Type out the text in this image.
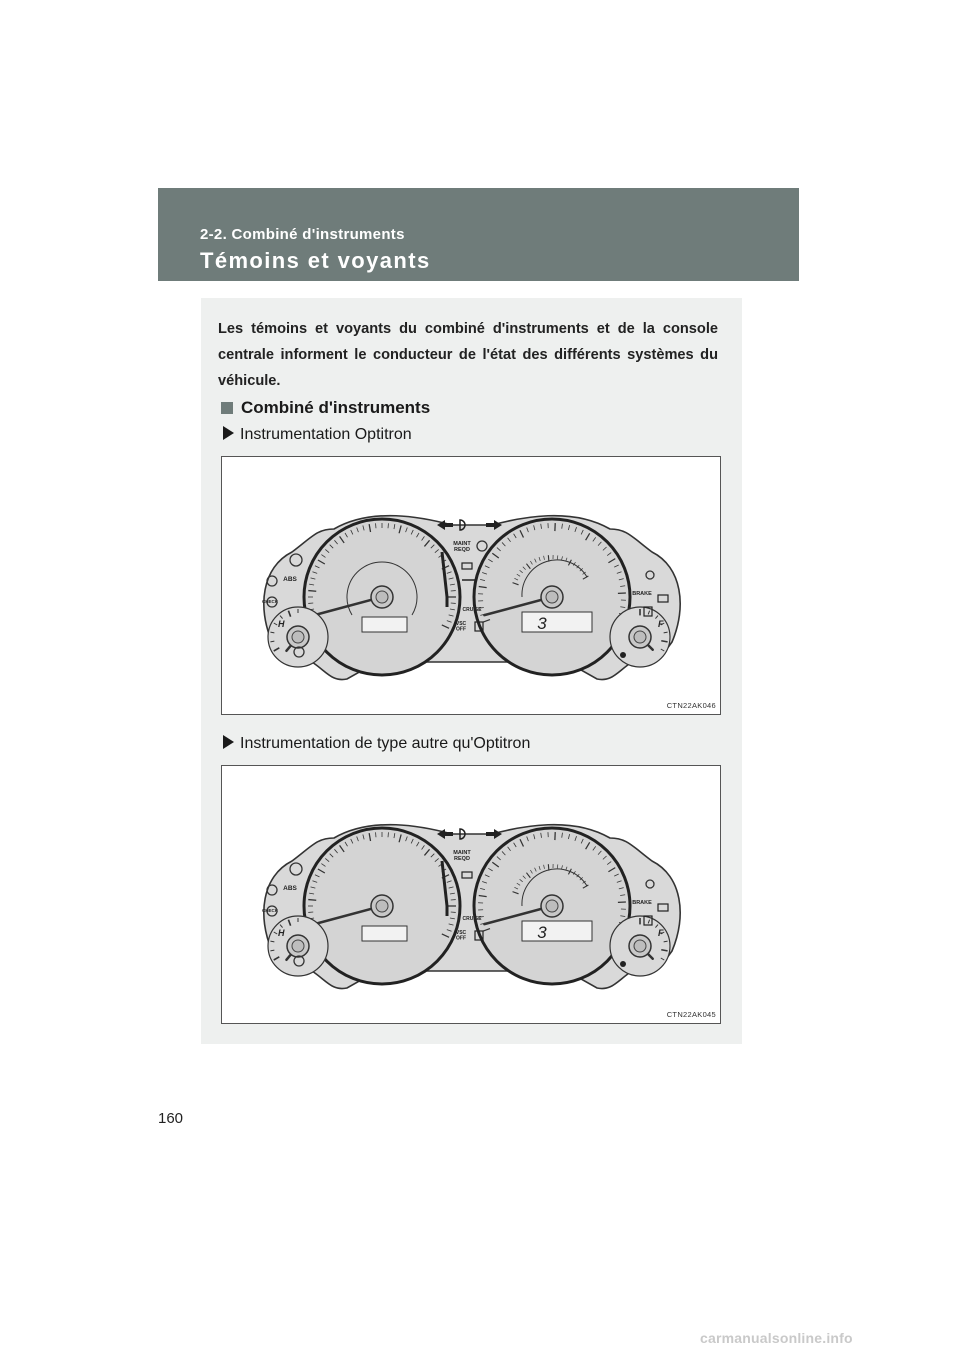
2-2. Combiné d'instruments
Témoins et voyants
Les témoins et voyants du combiné d'instruments et de la console centrale informent le conducteur de l'état des différents systèmes du véhicule.
Combiné d'instruments
Instrumentation Optitron
3
H	F
MAINT
REQD
ABS
CHECK
CRUISE
VSC
OFF
BRAKE
CTN22AK046
Instrumentation de type autre qu'Optitron
3
H	F
MAINT
REQD
ABS
CHECK
CRUISE
VSC
OFF
BRAKE
CTN22AK045
160
carmanualsonline.info
